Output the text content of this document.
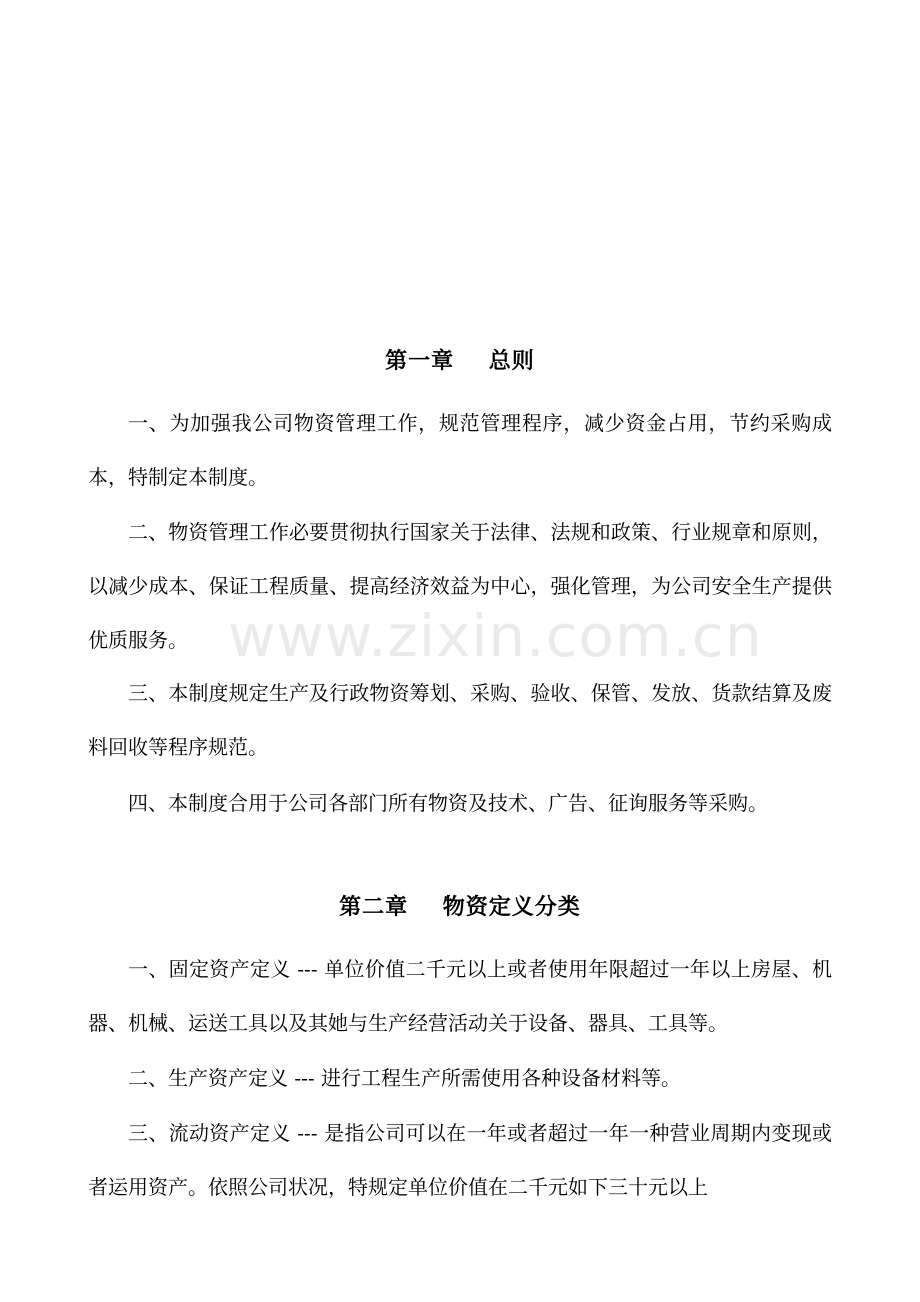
第一章    总则

一、为加强我公司物资管理工作，规范管理程序，减少资金占用，节约采购成本，特制定本制度。

二、物资管理工作必要贯彻执行国家关于法律、法规和政策、行业规章和原则，以减少成本、保证工程质量、提高经济效益为中心，强化管理，为公司安全生产提供优质服务。

三、本制度规定生产及行政物资筹划、采购、验收、保管、发放、货款结算及废料回收等程序规范。

四、本制度合用于公司各部门所有物资及技术、广告、征询服务等采购。

第二章    物资定义分类

一、固定资产定义 --- 单位价值二千元以上或者使用年限超过一年以上房屋、机器、机械、运送工具以及其她与生产经营活动关于设备、器具、工具等。

二、生产资产定义 --- 进行工程生产所需使用各种设备材料等。

三、流动资产定义 --- 是指公司可以在一年或者超过一年一种营业周期内变现或者运用资产。依照公司状况，特规定单位价值在二千元如下三十元以上

www.zixin.com.cn
